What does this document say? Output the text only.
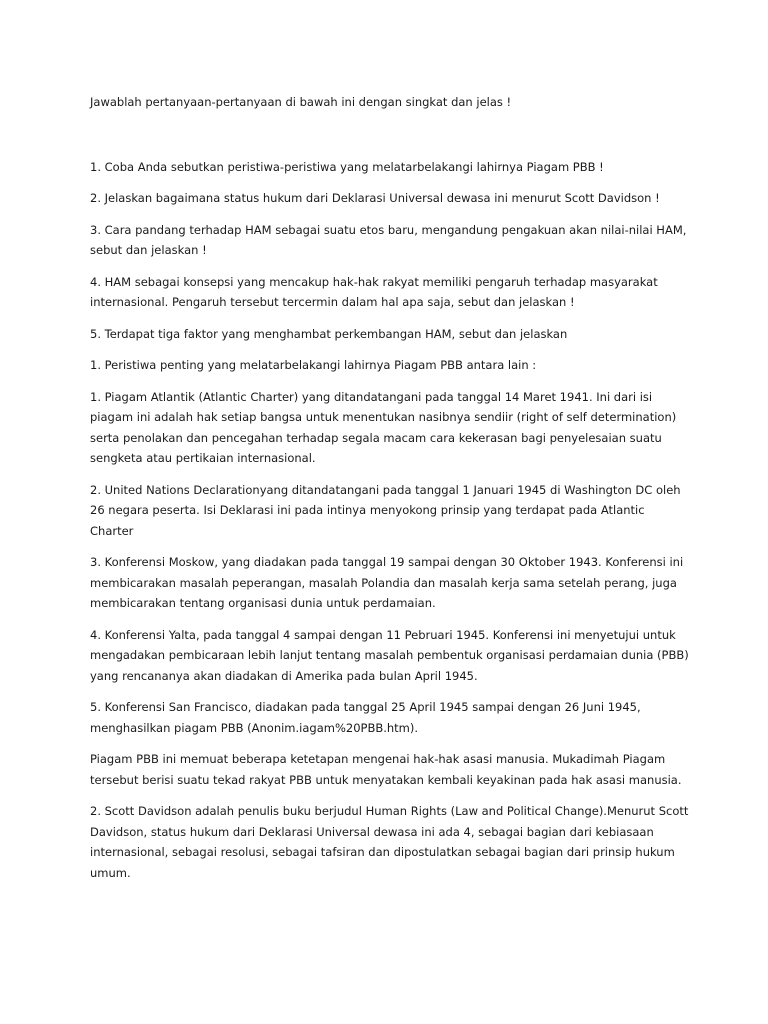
Jawablah pertanyaan-pertanyaan di bawah ini dengan singkat dan jelas !

1. Coba Anda sebutkan peristiwa-peristiwa yang melatarbelakangi lahirnya Piagam PBB !

2. Jelaskan bagaimana status hukum dari Deklarasi Universal dewasa ini menurut Scott Davidson !

3. Cara pandang terhadap HAM sebagai suatu etos baru, mengandung pengakuan akan nilai-nilai HAM, sebut dan jelaskan !

4. HAM sebagai konsepsi yang mencakup hak-hak rakyat memiliki pengaruh terhadap masyarakat internasional. Pengaruh tersebut tercermin dalam hal apa saja, sebut dan jelaskan !

5. Terdapat tiga faktor yang menghambat perkembangan HAM, sebut dan jelaskan

1. Peristiwa penting yang melatarbelakangi lahirnya Piagam PBB antara lain :

1. Piagam Atlantik (Atlantic Charter) yang ditandatangani pada tanggal 14 Maret 1941. Ini dari isi piagam ini adalah hak setiap bangsa untuk menentukan nasibnya sendiir (right of self determination) serta penolakan dan pencegahan terhadap segala macam cara kekerasan bagi penyelesaian suatu sengketa atau pertikaian internasional.

2. United Nations Declarationyang ditandatangani pada tanggal 1 Januari 1945 di Washington DC oleh 26 negara peserta. Isi Deklarasi ini pada intinya menyokong prinsip yang terdapat pada Atlantic Charter

3. Konferensi Moskow, yang diadakan pada tanggal 19 sampai dengan 30 Oktober 1943. Konferensi ini membicarakan masalah peperangan, masalah Polandia dan masalah kerja sama setelah perang, juga membicarakan tentang organisasi dunia untuk perdamaian.

4. Konferensi Yalta, pada tanggal 4 sampai dengan 11 Pebruari 1945. Konferensi ini menyetujui untuk mengadakan pembicaraan lebih lanjut tentang masalah pembentuk organisasi perdamaian dunia (PBB) yang rencananya akan diadakan di Amerika pada bulan April 1945.

5. Konferensi San Francisco, diadakan pada tanggal 25 April 1945 sampai dengan 26 Juni 1945, menghasilkan piagam PBB (Anonim.iagam%20PBB.htm).

Piagam PBB ini memuat beberapa ketetapan mengenai hak-hak asasi manusia. Mukadimah Piagam tersebut berisi suatu tekad rakyat PBB untuk menyatakan kembali keyakinan pada hak asasi manusia.

2. Scott Davidson adalah penulis buku berjudul Human Rights (Law and Political Change).Menurut Scott Davidson, status hukum dari Deklarasi Universal dewasa ini ada 4, sebagai bagian dari kebiasaan internasional, sebagai resolusi, sebagai tafsiran dan dipostulatkan sebagai bagian dari prinsip hukum umum.
